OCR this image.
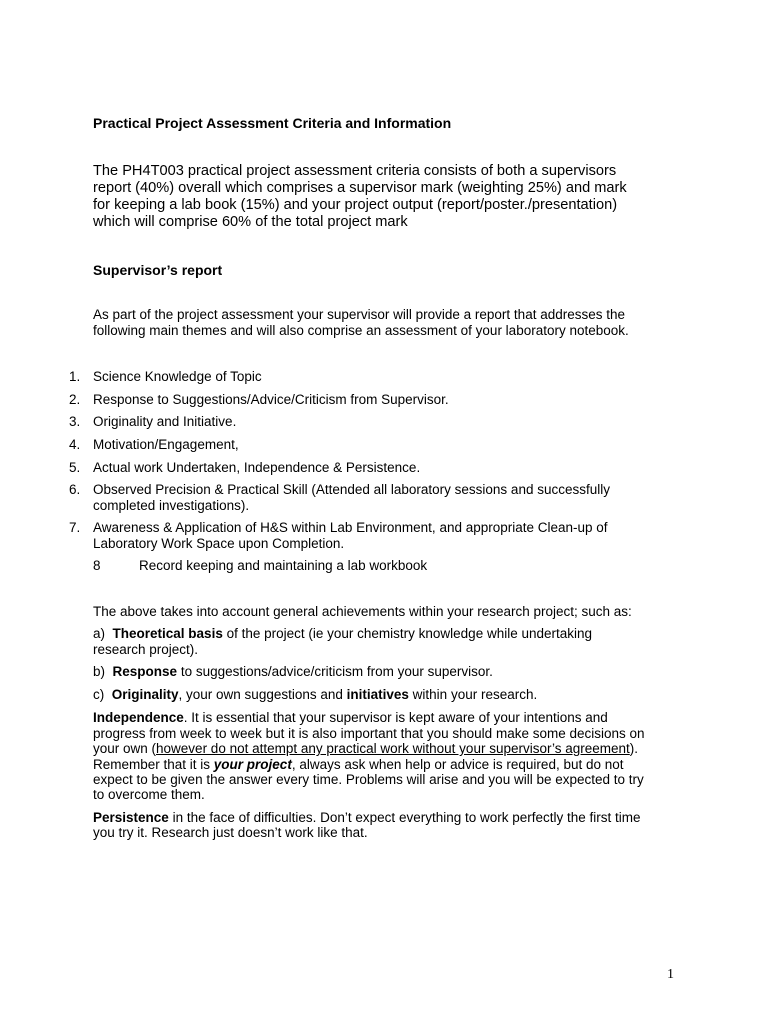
Practical Project Assessment Criteria and Information
The PH4T003 practical project assessment criteria consists of both a supervisors
report (40%) overall which comprises a supervisor mark (weighting 25%) and mark
for keeping a lab book (15%) and your project output (report/poster./presentation)
which will comprise 60% of the total project mark
Supervisor’s report
As part of the project assessment your supervisor will provide a report that addresses the
following main themes and will also comprise an assessment of your laboratory notebook.
1. Science Knowledge of Topic
2. Response to Suggestions/Advice/Criticism from Supervisor.
3. Originality and Initiative.
4. Motivation/Engagement,
5. Actual work Undertaken, Independence & Persistence.
6. Observed Precision & Practical Skill (Attended all laboratory sessions and successfully
completed investigations).
7. Awareness & Application of H&S within Lab Environment, and appropriate Clean-up of
Laboratory Work Space upon Completion.
8	Record keeping and maintaining a lab workbook
The above takes into account general achievements within your research project; such as:
a) Theoretical basis of the project (ie your chemistry knowledge while undertaking
research project).
b) Response to suggestions/advice/criticism from your supervisor.
c) Originality, your own suggestions and initiatives within your research.
Independence. It is essential that your supervisor is kept aware of your intentions and
progress from week to week but it is also important that you should make some decisions on
your own (however do not attempt any practical work without your supervisor’s agreement).
Remember that it is your project, always ask when help or advice is required, but do not
expect to be given the answer every time. Problems will arise and you will be expected to try
to overcome them.
Persistence in the face of difficulties. Don’t expect everything to work perfectly the first time
you try it. Research just doesn’t work like that.
1
